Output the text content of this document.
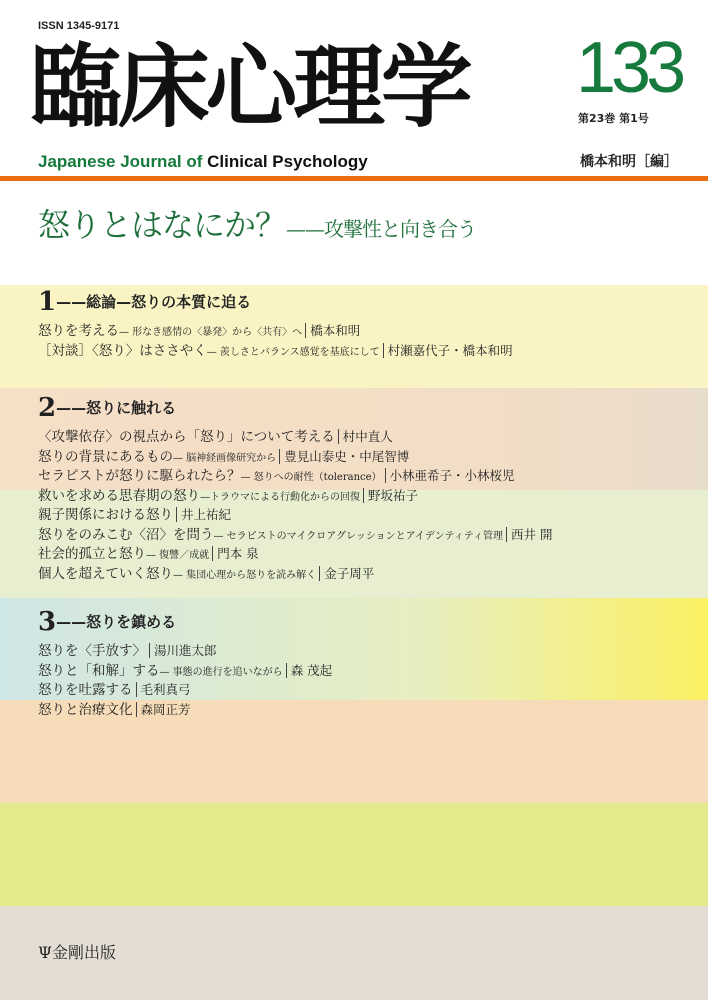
ISSN 1345-9171
臨床心理学 133
第23巻 第1号
Japanese Journal of Clinical Psychology	橋本和明［編］
怒りとはなにか？——攻撃性と向き合う
1——総論—怒りの本質に迫る
怒りを考える— 形なき感情の〈暴発〉から〈共有〉へ 橋本和明
［対談］〈怒り〉はささやく— 羨しさとバランス感覚を基底にして 村瀬嘉代子・橋本和明
2——怒りに触れる
〈攻撃依存〉の視点から「怒り」について考える 村中直人
怒りの背景にあるもの— 脳神経画像研究から 豊見山泰史・中尾智博
セラピストが怒りに駆られたら？— 怒りへの耐性（tolerance） 小林亜希子・小林桜児
救いを求める思春期の怒り—トラウマによる行動化からの回復 野坂祐子
親子関係における怒り 井上祐紀
怒りをのみこむ〈沼〉を問う— セラピストのマイクロアグレッションとアイデンティティ管理 西井 開
社会的孤立と怒り— 復讐／成就 門本 泉
個人を超えていく怒り— 集団心理から怒りを読み解く 金子周平
3——怒りを鎮める
怒りを〈手放す〉 湯川進太郎
怒りと「和解」する— 事態の進行を追いながら 森 茂起
怒りを吐露する 毛利真弓
怒りと治療文化 森岡正芳
Ψ金剛出版
